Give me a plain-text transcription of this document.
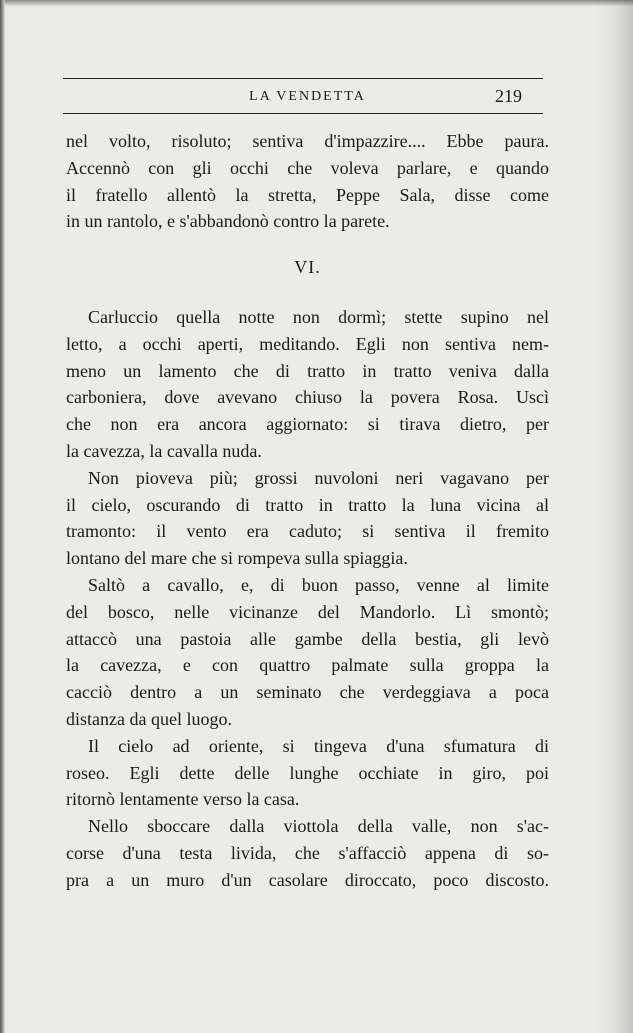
LA VENDETTA	219
nel volto, risoluto; sentiva d'impazzire.... Ebbe paura.
Accennò con gli occhi che voleva parlare, e quando
il fratello allentò la stretta, Peppe Sala, disse come
in un rantolo, e s'abbandonò contro la parete.
VI.
Carluccio quella notte non dormì; stette supino nel
letto, a occhi aperti, meditando. Egli non sentiva nem-
meno un lamento che di tratto in tratto veniva dalla
carboniera, dove avevano chiuso la povera Rosa. Uscì
che non era ancora aggiornato: si tirava dietro, per
la cavezza, la cavalla nuda.
Non pioveva più; grossi nuvoloni neri vagavano per
il cielo, oscurando di tratto in tratto la luna vicina al
tramonto: il vento era caduto; si sentiva il fremito
lontano del mare che si rompeva sulla spiaggia.
Saltò a cavallo, e, di buon passo, venne al limite
del bosco, nelle vicinanze del Mandorlo. Lì smontò;
attaccò una pastoia alle gambe della bestia, gli levò
la cavezza, e con quattro palmate sulla groppa la
cacciò dentro a un seminato che verdeggiava a poca
distanza da quel luogo.
Il cielo ad oriente, si tingeva d'una sfumatura di
roseo. Egli dette delle lunghe occhiate in giro, poi
ritornò lentamente verso la casa.
Nello sboccare dalla viottola della valle, non s'ac-
corse d'una testa livida, che s'affacciò appena di so-
pra a un muro d'un casolare diroccato, poco discosto.
